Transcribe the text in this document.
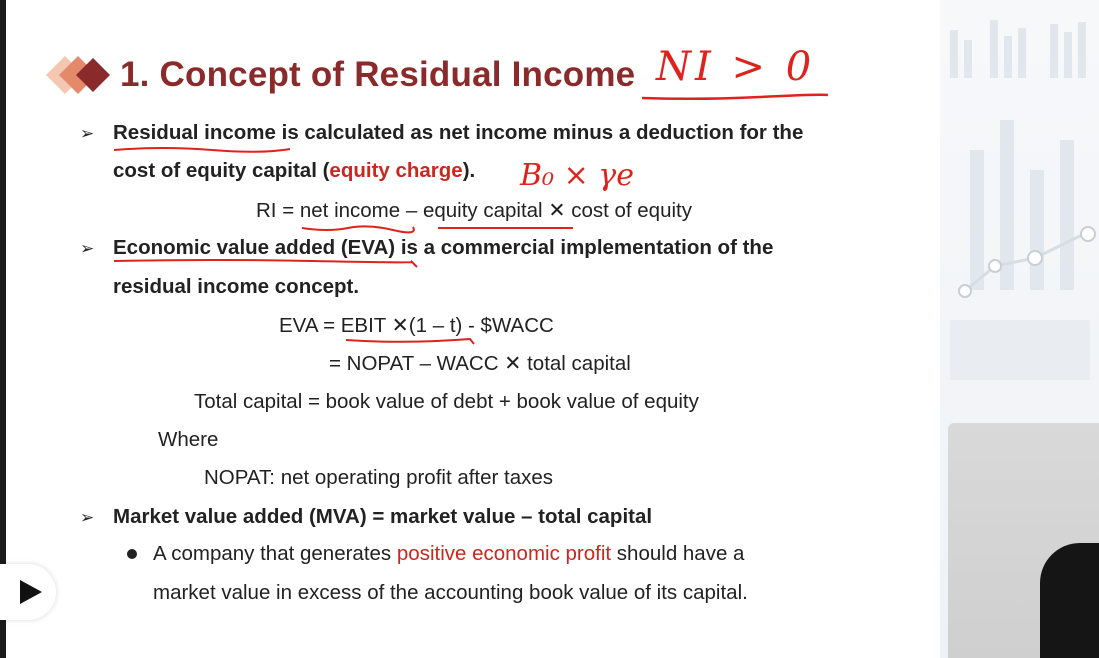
1. Concept of Residual Income NI > 0
➢ Residual income is calculated as net income minus a deduction for the
cost of equity capital (equity charge). B₀ × γe
RI = net income – equity capital ✕ cost of equity
➢ Economic value added (EVA) is a commercial implementation of the
residual income concept.
EVA = EBIT ✕(1 – t) - $WACC
= NOPAT – WACC ✕ total capital
Total capital = book value of debt + book value of equity
Where
NOPAT: net operating profit after taxes
➢ Market value added (MVA) = market value – total capital
A company that generates positive economic profit should have a
market value in excess of the accounting book value of its capital.
